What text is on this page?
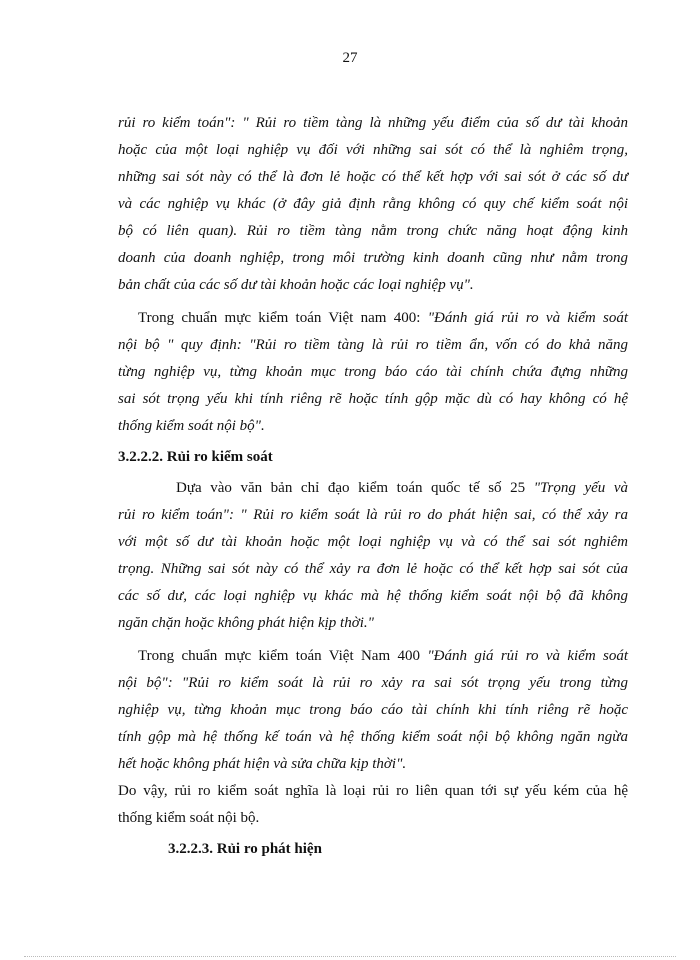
27
rủi ro kiểm toán": " Rủi ro tiềm tàng là những yếu điểm của số dư tài khoản
hoặc của một loại nghiệp vụ đối với những sai sót có thể là nghiêm trọng,
những sai sót này có thể là đơn lẻ hoặc có thể kết hợp với sai sót ở các số dư
và các nghiệp vụ khác (ở đây giả định rằng không có quy chế kiểm soát nội
bộ có liên quan). Rủi ro tiềm tàng nằm trong chức năng hoạt động kinh
doanh của doanh nghiệp, trong môi trường kinh doanh cũng như nằm trong
bản chất của các số dư tài khoản hoặc các loại nghiệp vụ".
Trong chuẩn mực kiểm toán Việt nam 400: "Đánh giá rủi ro và kiểm soát
nội bộ " quy định: "Rủi ro tiềm tàng là rủi ro tiềm ẩn, vốn có do khả năng
từng nghiệp vụ, từng khoản mục trong báo cáo tài chính chứa đựng những
sai sót trọng yếu khi tính riêng rẽ hoặc tính gộp mặc dù có hay không có hệ
thống kiểm soát nội bộ".
3.2.2.2. Rủi ro kiểm soát
Dựa vào văn bản chỉ đạo kiểm toán quốc tế số 25 "Trọng yếu và
rủi ro kiểm toán": " Rủi ro kiểm soát là rủi ro do phát hiện sai, có thể xảy ra
với một số dư tài khoản hoặc một loại nghiệp vụ và có thể sai sót nghiêm
trọng. Những sai sót này có thể xảy ra đơn lẻ hoặc có thể kết hợp sai sót của
các số dư, các loại nghiệp vụ khác mà hệ thống kiểm soát nội bộ đã không
ngăn chặn hoặc không phát hiện kịp thời."
Trong chuẩn mực kiểm toán Việt Nam 400 "Đánh giá rủi ro và kiểm soát
nội bộ": "Rủi ro kiểm soát là rủi ro xảy ra sai sót trọng yếu trong từng
nghiệp vụ, từng khoản mục trong báo cáo tài chính khi tính riêng rẽ hoặc
tính gộp mà hệ thống kế toán và hệ thống kiểm soát nội bộ không ngăn ngừa
hết hoặc không phát hiện và sửa chữa kịp thời".
Do vậy, rủi ro kiểm soát nghĩa là loại rủi ro liên quan tới sự yếu kém của hệ
thống kiểm soát nội bộ.
3.2.2.3. Rủi ro phát hiện
